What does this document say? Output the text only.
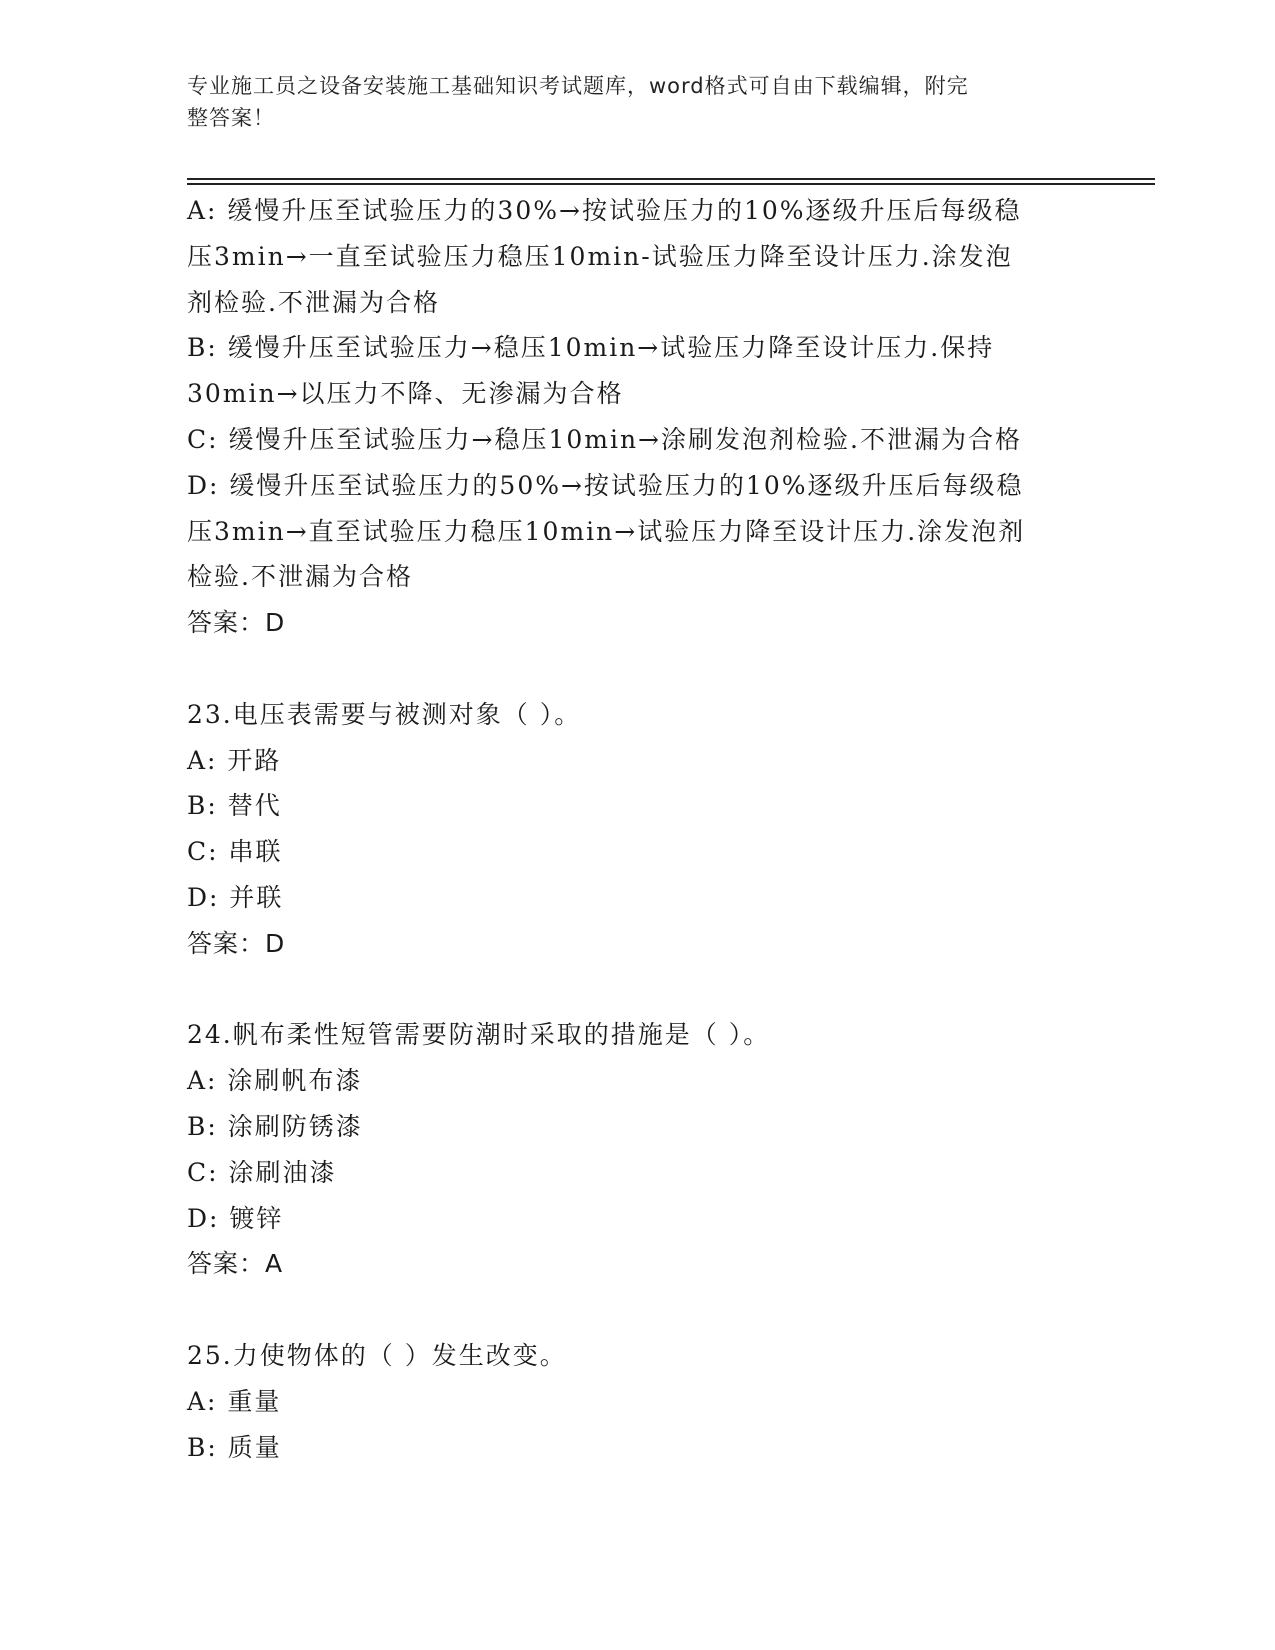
专业施工员之设备安装施工基础知识考试题库，word格式可自由下载编辑，附完
整答案！
A: 缓慢升压至试验压力的30%→按试验压力的10%逐级升压后每级稳
压3min→一直至试验压力稳压10min-试验压力降至设计压力.涂发泡
剂检验.不泄漏为合格
B: 缓慢升压至试验压力→稳压10min→试验压力降至设计压力.保持
30min→以压力不降、无渗漏为合格
C: 缓慢升压至试验压力→稳压10min→涂刷发泡剂检验.不泄漏为合格
D: 缓慢升压至试验压力的50%→按试验压力的10%逐级升压后每级稳
压3min→直至试验压力稳压10min→试验压力降至设计压力.涂发泡剂
检验.不泄漏为合格
答案：D
23.电压表需要与被测对象（ ）。
A: 开路
B: 替代
C: 串联
D: 并联
答案：D
24.帆布柔性短管需要防潮时采取的措施是（ ）。
A: 涂刷帆布漆
B: 涂刷防锈漆
C: 涂刷油漆
D: 镀锌
答案：A
25.力使物体的（ ）发生改变。
A: 重量
B: 质量
